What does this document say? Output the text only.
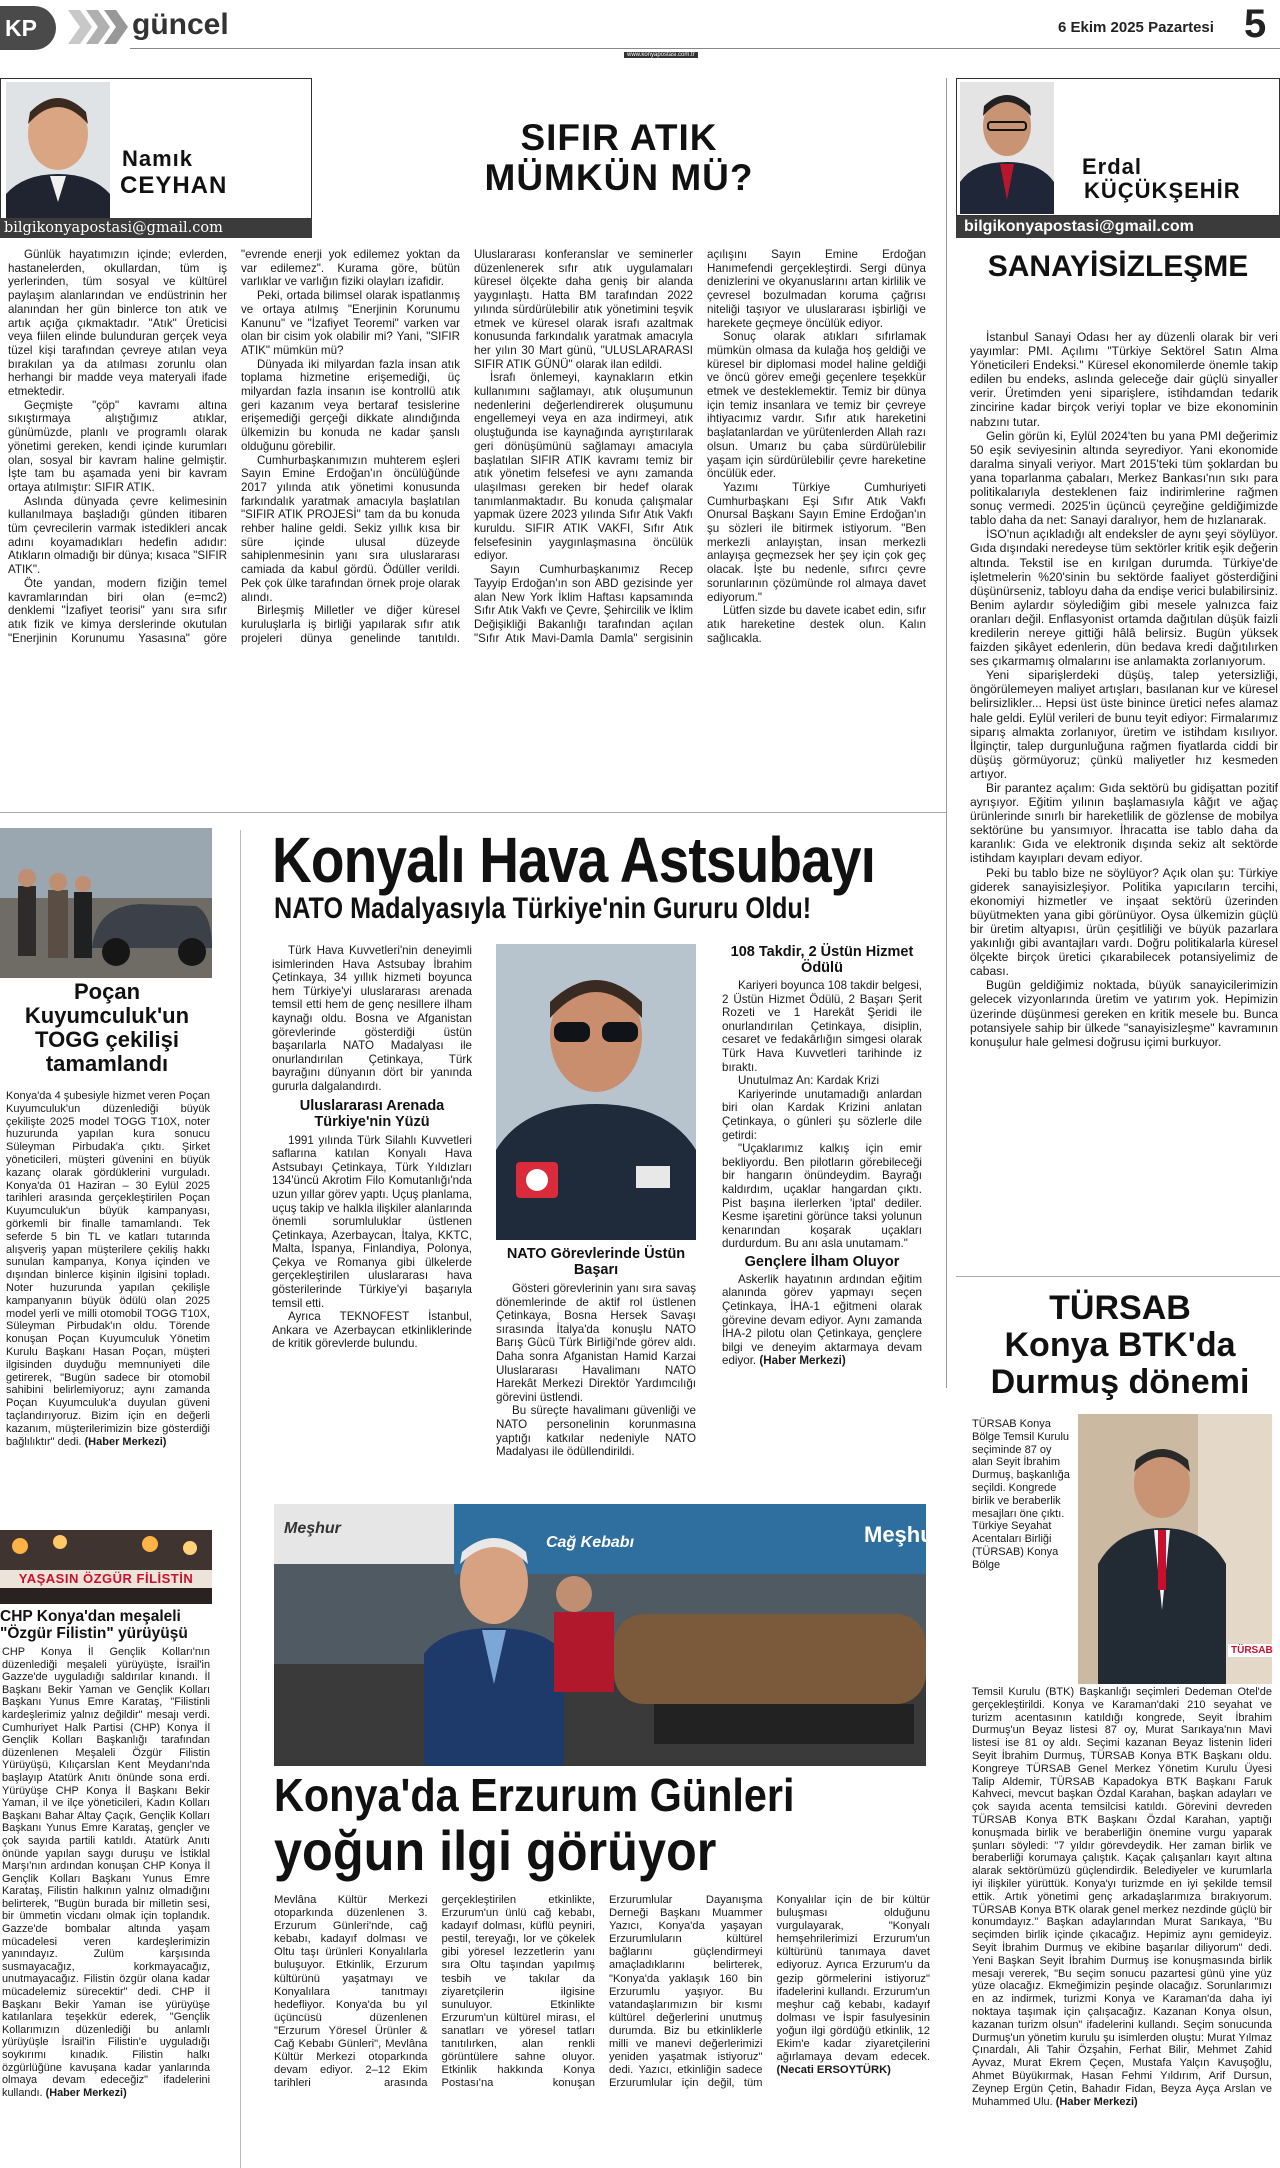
KP	güncel	6 Ekim 2025 Pazartesi 5
www.konyapostasi.com.tr
Namık
CEYHAN
bilgikonyapostasi@gmail.com
SIFIR ATIK
MÜMKÜN MÜ?

Günlük hayatımızın içinde; evlerden, hastanelerden, okullardan, tüm iş yerlerinden, tüm sosyal ve kültürel paylaşım alanlarından ve endüstrinin her alanından her gün binlerce ton atık ve artık açığa çıkmaktadır. "Atık" Üreticisi veya fiilen elinde bulunduran gerçek veya tüzel kişi tarafından çevreye atılan veya bırakılan ya da atılması zorunlu olan herhangi bir madde veya materyali ifade etmektedir.

Geçmişte "çöp" kavramı altına sıkıştırmaya alıştığımız atıklar, günümüzde, planlı ve programlı olarak yönetimi gereken, kendi içinde kurumları olan, sosyal bir kavram haline gelmiştir. İşte tam bu aşamada yeni bir kavram ortaya atılmıştır: SIFIR ATIK.

Aslında dünyada çevre kelimesinin kullanılmaya başladığı günden itibaren tüm çevrecilerin varmak istedikleri ancak adını koyamadıkları hedefin adıdır: Atıkların olmadığı bir dünya; kısaca "SIFIR ATIK".

Öte yandan, modern fiziğin temel kavramlarından biri olan (e=mc2) denklemi "İzafiyet teorisi" yanı sıra sıfır atık fizik ve kimya derslerinde okutulan "Enerjinin Korunumu Yasasına" göre "evrende enerji yok edilemez yoktan da var edilemez". Kurama göre, bütün varlıklar ve varlığın fiziki olayları izafidir.

Peki, ortada bilimsel olarak ispatlanmış ve ortaya atılmış "Enerjinin Korunumu Kanunu" ve "İzafiyet Teoremi" varken var olan bir cisim yok olabilir mi? Yani, "SIFIR ATIK" mümkün mü?

Dünyada iki milyardan fazla insan atık toplama hizmetine erişemediği, üç milyardan fazla insanın ise kontrollü atık geri kazanım veya bertaraf tesislerine erişemediği gerçeği dikkate alındığında ülkemizin bu konuda ne kadar şanslı olduğunu görebilir.

Cumhurbaşkanımızın muhterem eşleri Sayın Emine Erdoğan'ın öncülüğünde 2017 yılında atık yönetimi konusunda farkındalık yaratmak amacıyla başlatılan "SIFIR ATIK PROJESİ" tam da bu konuda rehber haline geldi. Sekiz yıllık kısa bir süre içinde ulusal düzeyde sahiplenmesinin yanı sıra uluslararası camiada da kabul gördü. Ödüller verildi. Pek çok ülke tarafından örnek proje olarak alındı.

Birleşmiş Milletler ve diğer küresel kuruluşlarla iş birliği yapılarak sıfır atık projeleri dünya genelinde tanıtıldı. Uluslararası konferanslar ve seminerler düzenlenerek sıfır atık uygulamaları küresel ölçekte daha geniş bir alanda yaygınlaştı. Hatta BM tarafından 2022 yılında sürdürülebilir atık yönetimini teşvik etmek ve küresel olarak israfı azaltmak konusunda farkındalık yaratmak amacıyla her yılın 30 Mart günü, "ULUSLARARASI SIFIR ATIK GÜNÜ" olarak ilan edildi.

İsrafı önlemeyi, kaynakların etkin kullanımını sağlamayı, atık oluşumunun nedenlerini değerlendirerek oluşumunu engellemeyi veya en aza indirmeyi, atık oluştuğunda ise kaynağında ayrıştırılarak geri dönüşümünü sağlamayı amacıyla başlatılan SIFIR ATIK kavramı temiz bir atık yönetim felsefesi ve aynı zamanda ulaşılması gereken bir hedef olarak tanımlanmaktadır. Bu konuda çalışmalar yapmak üzere 2023 yılında Sıfır Atık Vakfı kuruldu. SIFIR ATIK VAKFI, Sıfır Atık felsefesinin yaygınlaşmasına öncülük ediyor.

Sayın Cumhurbaşkanımız Recep Tayyip Erdoğan'ın son ABD gezisinde yer alan New York İklim Haftası kapsamında Sıfır Atık Vakfı ve Çevre, Şehircilik ve İklim Değişikliği Bakanlığı tarafından açılan "Sıfır Atık Mavi-Damla Damla" sergisinin açılışını Sayın Emine Erdoğan Hanımefendi gerçekleştirdi. Sergi dünya denizlerini ve okyanuslarını artan kirlilik ve çevresel bozulmadan koruma çağrısı niteliği taşıyor ve uluslararası işbirliği ve harekete geçmeye öncülük ediyor.

Sonuç olarak atıkları sıfırlamak mümkün olmasa da kulağa hoş geldiği ve küresel bir diplomasi model haline geldiği ve öncü görev emeği geçenlere teşekkür etmek ve desteklemektir. Temiz bir dünya için temiz insanlara ve temiz bir çevreye ihtiyacımız vardır. Sıfır atık hareketini başlatanlardan ve yürütenlerden Allah razı olsun. Umarız bu çaba sürdürülebilir yaşam için sürdürülebilir çevre hareketine öncülük eder.

Yazımı Türkiye Cumhuriyeti Cumhurbaşkanı Eşi Sıfır Atık Vakfı Onursal Başkanı Sayın Emine Erdoğan'ın şu sözleri ile bitirmek istiyorum. "Ben merkezli anlayıştan, insan merkezli anlayışa geçmezsek her şey için çok geç olacak. İşte bu nedenle, sıfırcı çevre sorunlarının çözümünde rol almaya davet ediyorum."

Lütfen sizde bu davete icabet edin, sıfır atık hareketine destek olun. Kalın sağlıcakla.

Erdal
KÜÇÜKŞEHİR
bilgikonyapostasi@gmail.com
SANAYİSİZLEŞME

İstanbul Sanayi Odası her ay düzenli olarak bir veri yayımlar: PMI. Açılımı "Türkiye Sektörel Satın Alma Yöneticileri Endeksi." Küresel ekonomilerde önemle takip edilen bu endeks, aslında geleceğe dair güçlü sinyaller verir. Üretimden yeni siparişlere, istihdamdan tedarik zincirine kadar birçok veriyi toplar ve bize ekonominin nabzını tutar.

Gelin görün ki, Eylül 2024'ten bu yana PMI değerimiz 50 eşik seviyesinin altında seyrediyor. Yani ekonomide daralma sinyali veriyor. Mart 2015'teki tüm şoklardan bu yana toparlanma çabaları, Merkez Bankası'nın sıkı para politikalarıyla desteklenen faiz indirimlerine rağmen sonuç vermedi. 2025'in üçüncü çeyreğine geldiğimizde tablo daha da net: Sanayi daralıyor, hem de hızlanarak.

İSO'nun açıkladığı alt endeksler de aynı şeyi söylüyor. Gıda dışındaki neredeyse tüm sektörler kritik eşik değerin altında. Tekstil ise en kırılgan durumda. Türkiye'de işletmelerin %20'sinin bu sektörde faaliyet gösterdiğini düşünürseniz, tabloyu daha da endişe verici bulabilirsiniz. Benim aylardır söylediğim gibi mesele yalnızca faiz oranları değil. Enflasyonist ortamda dağıtılan düşük faizli kredilerin nereye gittiği hâlâ belirsiz. Bugün yüksek faizden şikâyet edenlerin, dün bedava kredi dağıtılırken ses çıkarmamış olmalarını ise anlamakta zorlanıyorum.

Yeni siparişlerdeki düşüş, talep yetersizliği, öngörülemeyen maliyet artışları, basılanan kur ve küresel belirsizlikler... Hepsi üst üste binince üretici nefes alamaz hale geldi. Eylül verileri de bunu teyit ediyor: Firmalarımız siparış almakta zorlanıyor, üretim ve istihdam kısılıyor. İlginçtir, talep durgunluğuna rağmen fiyatlarda ciddi bir düşüş görmüyoruz; çünkü maliyetler hız kesmeden artıyor.

Bir parantez açalım: Gıda sektörü bu gidişattan pozitif ayrışıyor. Eğitim yılının başlamasıyla kâğıt ve ağaç ürünlerinde sınırlı bir hareketlilik de gözlense de mobilya sektörüne bu yansımıyor. İhracatta ise tablo daha da karanlık: Gıda ve elektronik dışında sekiz alt sektörde istihdam kayıpları devam ediyor.

Peki bu tablo bize ne söylüyor? Açık olan şu: Türkiye giderek sanayisizleşiyor. Politika yapıcıların tercihi, ekonomiyi hizmetler ve inşaat sektörü üzerinden büyütmekten yana gibi görünüyor. Oysa ülkemizin güçlü bir üretim altyapısı, ürün çeşitliliği ve büyük pazarlara yakınlığı gibi avantajları vardı. Doğru politikalarla küresel ölçekte birçok üretici çıkarabilecek potansiyelimiz de cabası.

Bugün geldiğimiz noktada, büyük sanayicilerimizin gelecek vizyonlarında üretim ve yatırım yok. Hepimizin üzerinde düşünmesi gereken en kritik mesele bu. Bunca potansiyele sahip bir ülkede "sanayisizleşme" kavramının konuşulur hale gelmesi doğrusu içimi burkuyor.

Poçan Kuyumculuk'un TOGG çekilişi tamamlandı
Konya'da 4 şubesiyle hizmet veren Poçan Kuyumculuk'un düzenlediği büyük çekilişte 2025 model TOGG T10X, noter huzurunda yapılan kura sonucu Süleyman Pirbudak'a çıktı. Şirket yöneticileri, müşteri güvenini en büyük kazanç olarak gördüklerini vurguladı. Konya'da 01 Haziran – 30 Eylül 2025 tarihleri arasında gerçekleştirilen Poçan Kuyumculuk'un büyük kampanyası, görkemli bir finalle tamamlandı. Tek seferde 5 bin TL ve katları tutarında alışveriş yapan müşterilere çekiliş hakkı sunulan kampanya, Konya içinden ve dışından binlerce kişinin ilgisini topladı. Noter huzurunda yapılan çekilişle kampanyanın büyük ödülü olan 2025 model yerli ve milli otomobil TOGG T10X, Süleyman Pirbudak'ın oldu. Törende konuşan Poçan Kuyumculuk Yönetim Kurulu Başkanı Hasan Poçan, müşteri ilgisinden duyduğu memnuniyeti dile getirerek, "Bugün sadece bir otomobil sahibini belirlemiyoruz; aynı zamanda Poçan Kuyumculuk'a duyulan güveni taçlandırıyoruz. Bizim için en değerli kazanım, müşterilerimizin bize gösterdiği bağlılıktır" dedi. (Haber Merkezi)
YAŞASIN ÖZGÜR FİLİSTİN
CHP Konya'dan meşaleli "Özgür Filistin" yürüyüşü
CHP Konya İl Gençlik Kolları'nın düzenlediği meşaleli yürüyüşte, İsrail'in Gazze'de uyguladığı saldırılar kınandı. İl Başkanı Bekir Yaman ve Gençlik Kolları Başkanı Yunus Emre Karataş, "Filistinli kardeşlerimiz yalnız değildir" mesajı verdi. Cumhuriyet Halk Partisi (CHP) Konya İl Gençlik Kolları Başkanlığı tarafından düzenlenen Meşaleli Özgür Filistin Yürüyüşü, Kılıçarslan Kent Meydanı'nda başlayıp Atatürk Anıtı önünde sona erdi. Yürüyüşe CHP Konya İl Başkanı Bekir Yaman, il ve ilçe yöneticileri, Kadın Kolları Başkanı Bahar Altay Çaçık, Gençlik Kolları Başkanı Yunus Emre Karataş, gençler ve çok sayıda partili katıldı. Atatürk Anıtı önünde yapılan saygı duruşu ve İstiklal Marşı'nın ardından konuşan CHP Konya İl Gençlik Kolları Başkanı Yunus Emre Karataş, Filistin halkının yalnız olmadığını belirterek, "Bugün burada bir milletin sesi, bir ümmetin vicdanı olmak için toplandık. Gazze'de bombalar altında yaşam mücadelesi veren kardeşlerimizin yanındayız. Zulüm karşısında susmayacağız, korkmayacağız, unutmayacağız. Filistin özgür olana kadar mücadelemiz sürecektir" dedi. CHP İl Başkanı Bekir Yaman ise yürüyüşe katılanlara teşekkür ederek, "Gençlik Kollarımızın düzenlediği bu anlamlı yürüyüşle İsrail'in Filistin'e uyguladığı soykırımı kınadık. Filistin halkı özgürlüğüne kavuşana kadar yanlarında olmaya devam edeceğiz" ifadelerini kullandı. (Haber Merkezi)
Konyalı Hava Astsubayı
NATO Madalyasıyla Türkiye'nin Gururu Oldu!

Türk Hava Kuvvetleri'nin deneyimli isimlerinden Hava Astsubay İbrahim Çetinkaya, 34 yıllık hizmeti boyunca hem Türkiye'yi uluslararası arenada temsil etti hem de genç nesillere ilham kaynağı oldu. Bosna ve Afganistan görevlerinde gösterdiği üstün başarılarla NATO Madalyası ile onurlandırılan Çetinkaya, Türk bayrağını dünyanın dört bir yanında gururla dalgalandırdı.

Uluslararası Arenada Türkiye'nin Yüzü

1991 yılında Türk Silahlı Kuvvetleri saflarına katılan Konyalı Hava Astsubayı Çetinkaya, Türk Yıldızları 134'üncü Akrotim Filo Komutanlığı'nda uzun yıllar görev yaptı. Uçuş planlama, uçuş takip ve halkla ilişkiler alanlarında önemli sorumluluklar üstlenen Çetinkaya, Azerbaycan, İtalya, KKTC, Malta, İspanya, Finlandiya, Polonya, Çekya ve Romanya gibi ülkelerde gerçekleştirilen uluslararası hava gösterilerinde Türkiye'yi başarıyla temsil etti.

Ayrıca TEKNOFEST İstanbul, Ankara ve Azerbaycan etkinliklerinde de kritik görevlerde bulundu.

NATO Görevlerinde Üstün Başarı

Gösteri görevlerinin yanı sıra savaş dönemlerinde de aktif rol üstlenen Çetinkaya, Bosna Hersek Savaşı sırasında İtalya'da konuşlu NATO Barış Gücü Türk Birliği'nde görev aldı. Daha sonra Afganistan Hamid Karzai Uluslararası Havalimanı NATO Harekât Merkezi Direktör Yardımcılığı görevini üstlendi.

Bu süreçte havalimanı güvenliği ve NATO personelinin korunmasına yaptığı katkılar nedeniyle NATO Madalyası ile ödüllendirildi.

108 Takdir, 2 Üstün Hizmet Ödülü

Kariyeri boyunca 108 takdir belgesi, 2 Üstün Hizmet Ödülü, 2 Başarı Şerit Rozeti ve 1 Harekât Şeridi ile onurlandırılan Çetinkaya, disiplin, cesaret ve fedakârlığın simgesi olarak Türk Hava Kuvvetleri tarihinde iz bıraktı.

Unutulmaz An: Kardak Krizi

Kariyerinde unutamadığı anlardan biri olan Kardak Krizini anlatan Çetinkaya, o günleri şu sözlerle dile getirdi:

"Uçaklarımız kalkış için emir bekliyordu. Ben pilotların görebileceği bir hangarın önündeydim. Bayrağı kaldırdım, uçaklar hangardan çıktı. Pist başına ilerlerken 'iptal' dediler. Kesme işaretini görünce taksi yolunun kenarından koşarak uçakları durdurdum. Bu anı asla unutamam."

Gençlere İlham Oluyor

Askerlik hayatının ardından eğitim alanında görev yapmayı seçen Çetinkaya, İHA-1 eğitmeni olarak görevine devam ediyor. Aynı zamanda İHA-2 pilotu olan Çetinkaya, gençlere bilgi ve deneyim aktarmaya devam ediyor. (Haber Merkezi)

Meşhur
Cağ Kebabı	Meşhu
Konya'da Erzurum Günleri
yoğun ilgi görüyor
Mevlâna Kültür Merkezi otoparkında düzenlenen 3. Erzurum Günleri'nde, cağ kebabı, kadayıf dolması ve Oltu taşı ürünleri Konyalılarla buluşuyor. Etkinlik, Erzurum kültürünü yaşatmayı ve Konyalılara tanıtmayı hedefliyor. Konya'da bu yıl üçüncüsü düzenlenen "Erzurum Yöresel Ürünler & Cağ Kebabı Günleri", Mevlâna Kültür Merkezi otoparkında devam ediyor. 2–12 Ekim tarihleri arasında gerçekleştirilen etkinlikte, Erzurum'un ünlü cağ kebabı, kadayıf dolması, küflü peyniri, pestil, tereyağı, lor ve çökelek gibi yöresel lezzetlerin yanı sıra Oltu taşından yapılmış tesbih ve takılar da ziyaretçilerin ilgisine sunuluyor. Etkinlikte Erzurum'un kültürel mirası, el sanatları ve yöresel tatları tanıtılırken, alan renkli görüntülere sahne oluyor. Etkinlik hakkında Konya Postası'na konuşan Erzurumlular Dayanışma Derneği Başkanı Muammer Yazıcı, Konya'da yaşayan Erzurumluların kültürel bağlarını güçlendirmeyi amaçladıklarını belirterek, "Konya'da yaklaşık 160 bin Erzurumlu yaşıyor. Bu vatandaşlarımızın bir kısmı kültürel değerlerini unutmuş durumda. Biz bu etkinliklerle milli ve manevi değerlerimizi yeniden yaşatmak istiyoruz" dedi. Yazıcı, etkinliğin sadece Erzurumlular için değil, tüm Konyalılar için de bir kültür buluşması olduğunu vurgulayarak, "Konyalı hemşehrilerimizi Erzurum'un kültürünü tanımaya davet ediyoruz. Ayrıca Erzurum'u da gezip görmelerini istiyoruz" ifadelerini kullandı. Erzurum'un meşhur cağ kebabı, kadayıf dolması ve İspir fasulyesinin yoğun ilgi gördüğü etkinlik, 12 Ekim'e kadar ziyaretçilerini ağırlamaya devam edecek. (Necati ERSOYTÜRK)
TÜRSAB
Konya BTK'da
Durmuş dönemi
TÜRSAB Konya Bölge Temsil Kurulu seçiminde 87 oy alan Seyit İbrahim Durmuş, başkanlığa seçildi. Kongrede birlik ve beraberlik mesajları öne çıktı. Türkiye Seyahat Acentaları Birliği (TÜRSAB) Konya Bölge
TÜRSAB
Temsil Kurulu (BTK) Başkanlığı seçimleri Dedeman Otel'de gerçekleştirildi. Konya ve Karaman'daki 210 seyahat ve turizm acentasının katıldığı kongrede, Seyit İbrahim Durmuş'un Beyaz listesi 87 oy, Murat Sarıkaya'nın Mavi listesi ise 81 oy aldı. Seçimi kazanan Beyaz listenin lideri Seyit İbrahim Durmuş, TÜRSAB Konya BTK Başkanı oldu. Kongreye TÜRSAB Genel Merkez Yönetim Kurulu Üyesi Talip Aldemir, TÜRSAB Kapadokya BTK Başkanı Faruk Kahveci, mevcut başkan Özdal Karahan, başkan adayları ve çok sayıda acenta temsilcisi katıldı. Görevini devreden TÜRSAB Konya BTK Başkanı Özdal Karahan, yaptığı konuşmada birlik ve beraberliğin önemine vurgu yaparak şunları söyledi: "7 yıldır görevdeydik. Her zaman birlik ve beraberliği korumaya çalıştık. Kaçak çalışanları kayıt altına alarak sektörümüzü güçlendirdik. Belediyeler ve kurumlarla iyi ilişkiler yürüttük. Konya'yı turizmde en iyi şekilde temsil ettik. Artık yönetimi genç arkadaşlarımıza bırakıyorum. TÜRSAB Konya BTK olarak genel merkez nezdinde güçlü bir konumdayız." Başkan adaylarından Murat Sarıkaya, "Bu seçimden birlik içinde çıkacağız. Hepimiz aynı gemideyiz. Seyit İbrahim Durmuş ve ekibine başarılar diliyorum" dedi. Yeni Başkan Seyit İbrahim Durmuş ise konuşmasında birlik mesajı vererek, "Bu seçim sonucu pazartesi günü yine yüz yüze olacağız. Ekmeğimizin peşinde olacağız. Sorunlarımızı en az indirmek, turizmi Konya ve Karaman'da daha iyi noktaya taşımak için çalışacağız. Kazanan Konya olsun, kazanan turizm olsun" ifadelerini kullandı. Seçim sonucunda Durmuş'un yönetim kurulu şu isimlerden oluştu: Murat Yılmaz Çınardalı, Ali Tahir Özşahin, Ferhat Bilir, Mehmet Zahid Ayvaz, Murat Ekrem Çeçen, Mustafa Yalçın Kavuşoğlu, Ahmet Büyükırmak, Hasan Fehmi Yıldırım, Arif Dursun, Zeynep Ergün Çetin, Bahadır Fidan, Beyza Ayça Arslan ve Muhammed Ulu. (Haber Merkezi)
